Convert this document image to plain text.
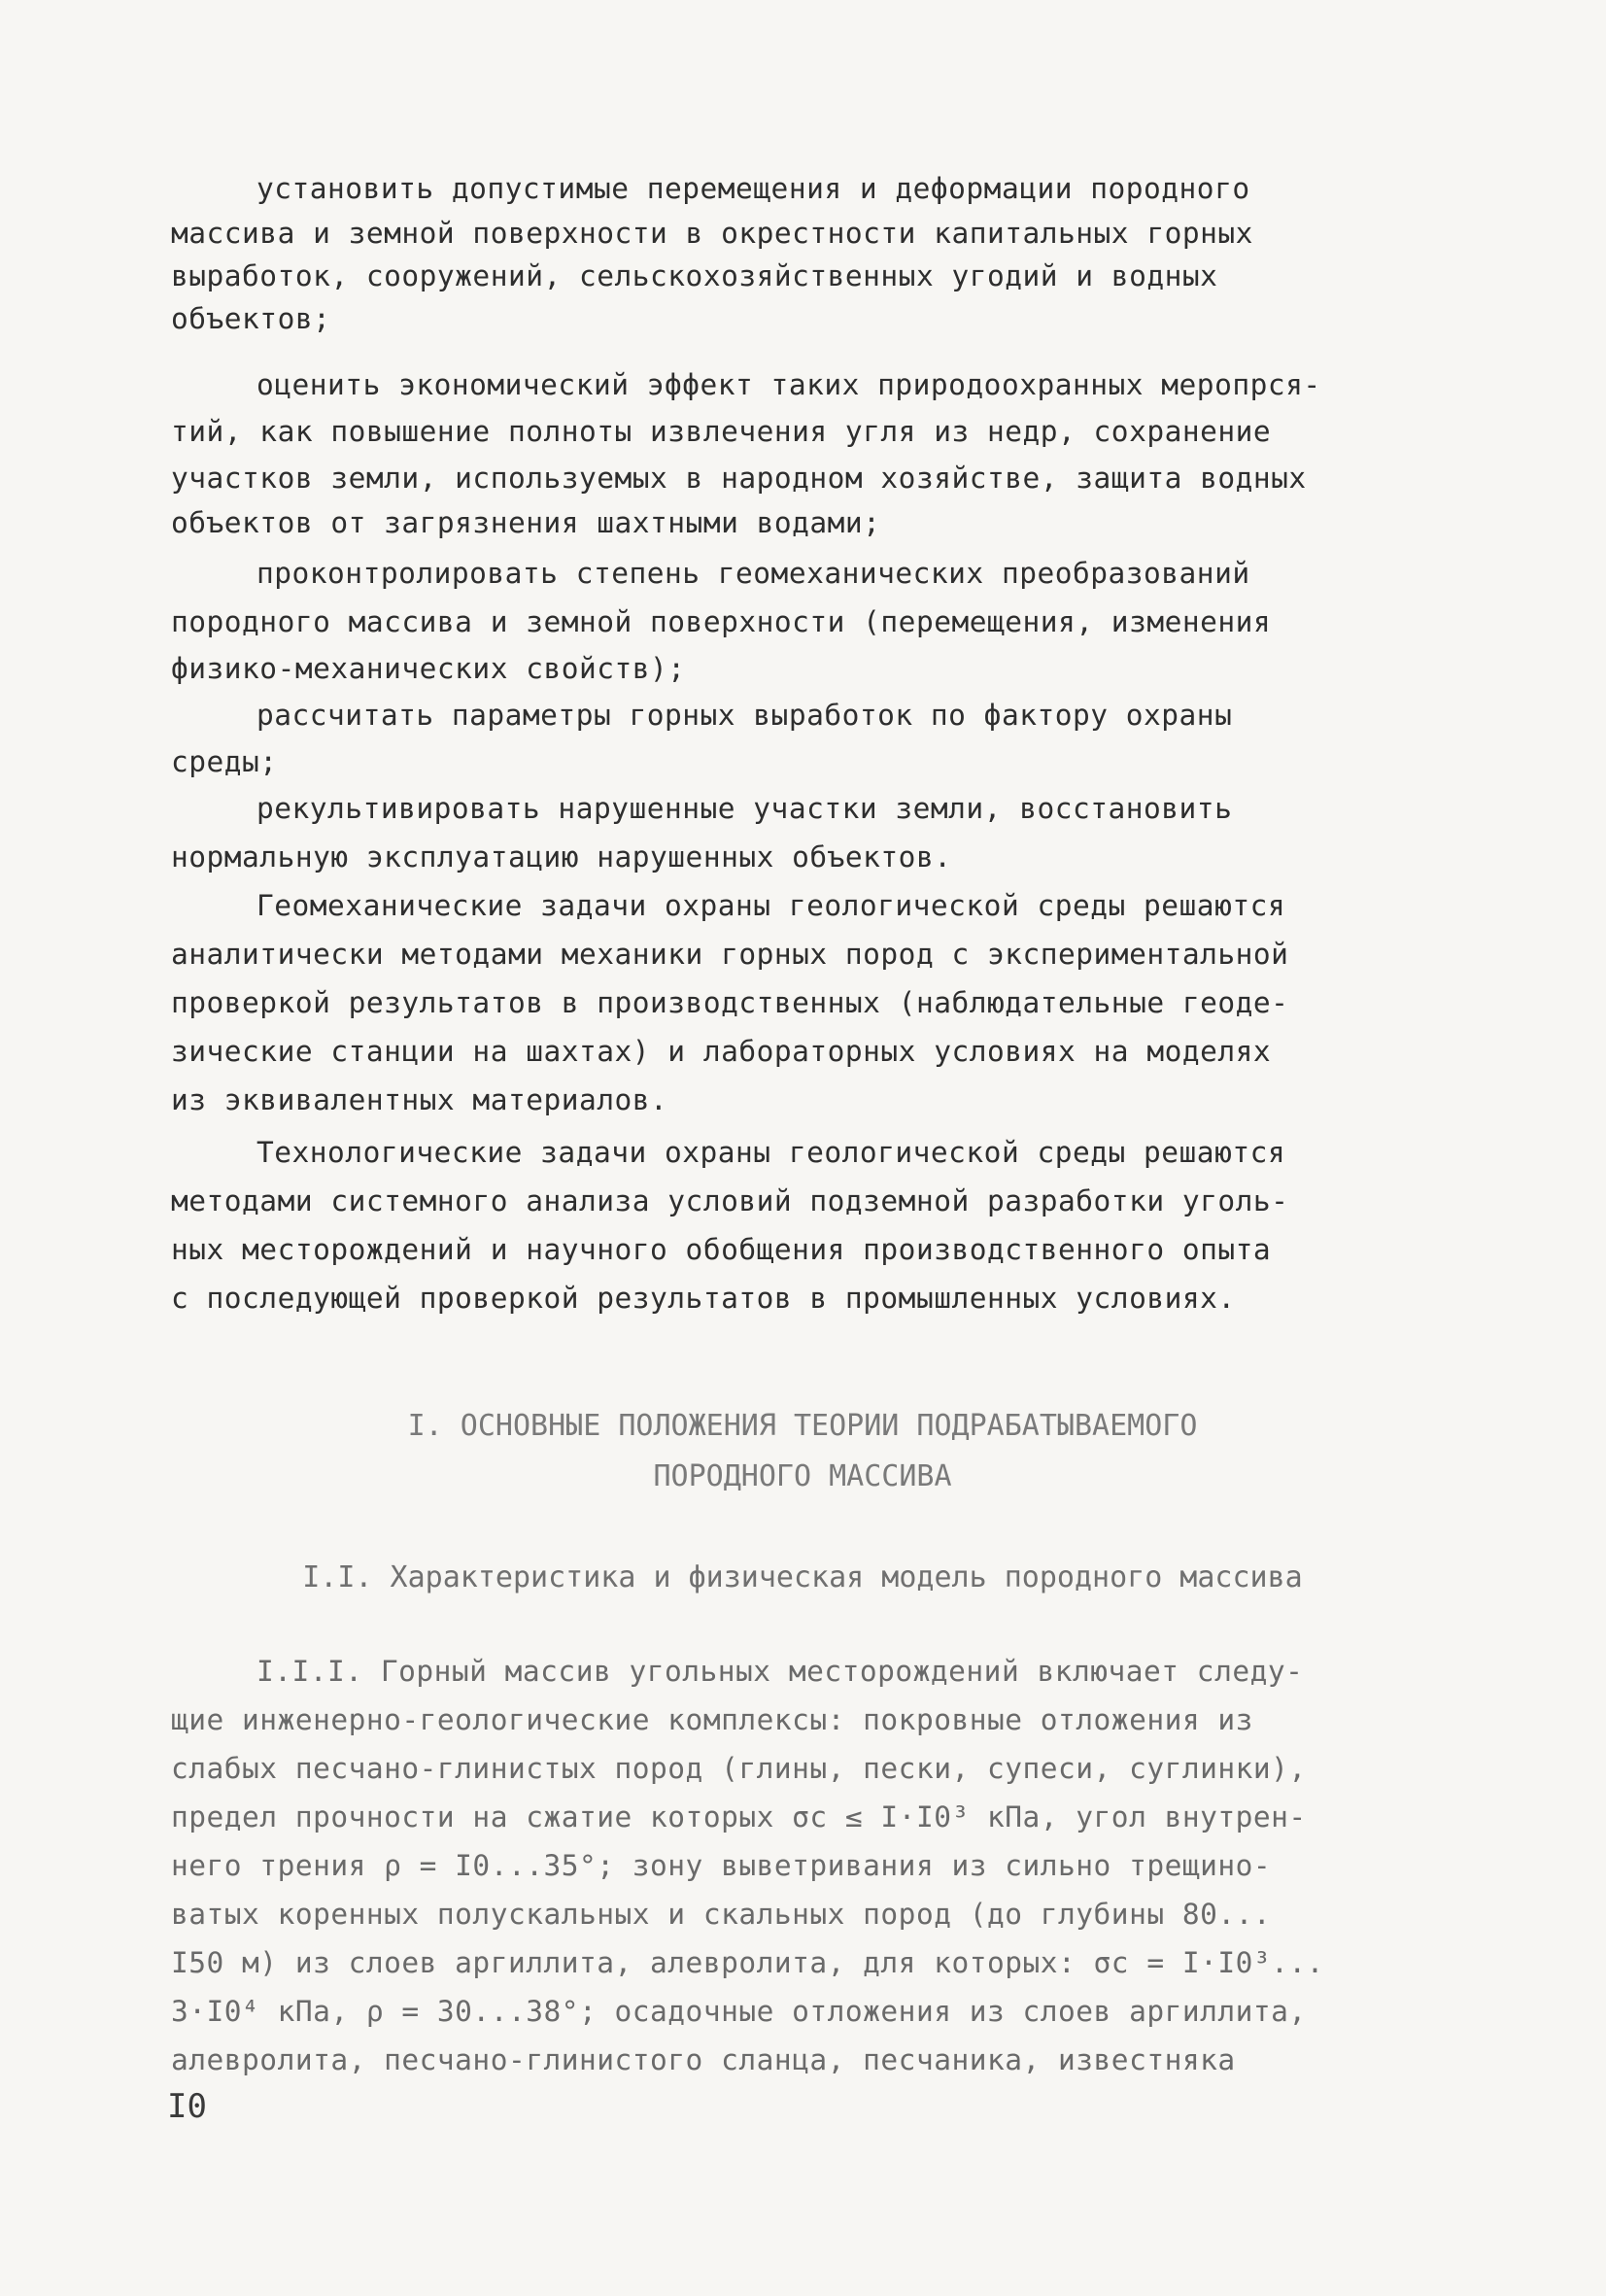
установить допустимые перемещения и деформации породного
массива и земной поверхности в окрестности капитальных горных
выработок, сооружений, сельскохозяйственных угодий и водных
объектов;
оценить экономический эффект таких природоохранных меропрся-
тий, как повышение полноты извлечения угля из недр, сохранение
участков земли, используемых в народном хозяйстве, защита водных
объектов от загрязнения шахтными водами;
проконтролировать степень геомеханических преобразований
породного массива и земной поверхности (перемещения, изменения
физико-механических свойств);
рассчитать параметры горных выработок по фактору охраны
среды;
рекультивировать нарушенные участки земли, восстановить
нормальную эксплуатацию нарушенных объектов.
Геомеханические задачи охраны геологической среды решаются
аналитически методами механики горных пород с экспериментальной
проверкой результатов в производственных (наблюдательные геоде-
зические станции на шахтах) и лабораторных условиях на моделях
из эквивалентных материалов.
Технологические задачи охраны геологической среды решаются
методами системного анализа условий подземной разработки уголь-
ных месторождений и научного обобщения производственного опыта
с последующей проверкой результатов в промышленных условиях.
I. ОСНОВНЫЕ ПОЛОЖЕНИЯ ТЕОРИИ ПОДРАБАТЫВАЕМОГО
ПОРОДНОГО МАССИВА
I.I. Характеристика и физическая модель породного массива
I.I.I. Горный массив угольных месторождений включает следу-
щие инженерно-геологические комплексы: покровные отложения из
слабых песчано-глинистых пород (глины, пески, супеси, суглинки),
предел прочности на сжатие которых σc ≤ I·I0³ кПа, угол внутрен-
него трения ρ = I0...35°; зону выветривания из сильно трещино-
ватых коренных полускальных и скальных пород (до глубины 80...
I50 м) из слоев аргиллита, алевролита, для которых: σc = I·I0³...
3·I0⁴ кПа, ρ = 30...38°; осадочные отложения из слоев аргиллита,
алевролита, песчано-глинистого сланца, песчаника, известняка
I0
